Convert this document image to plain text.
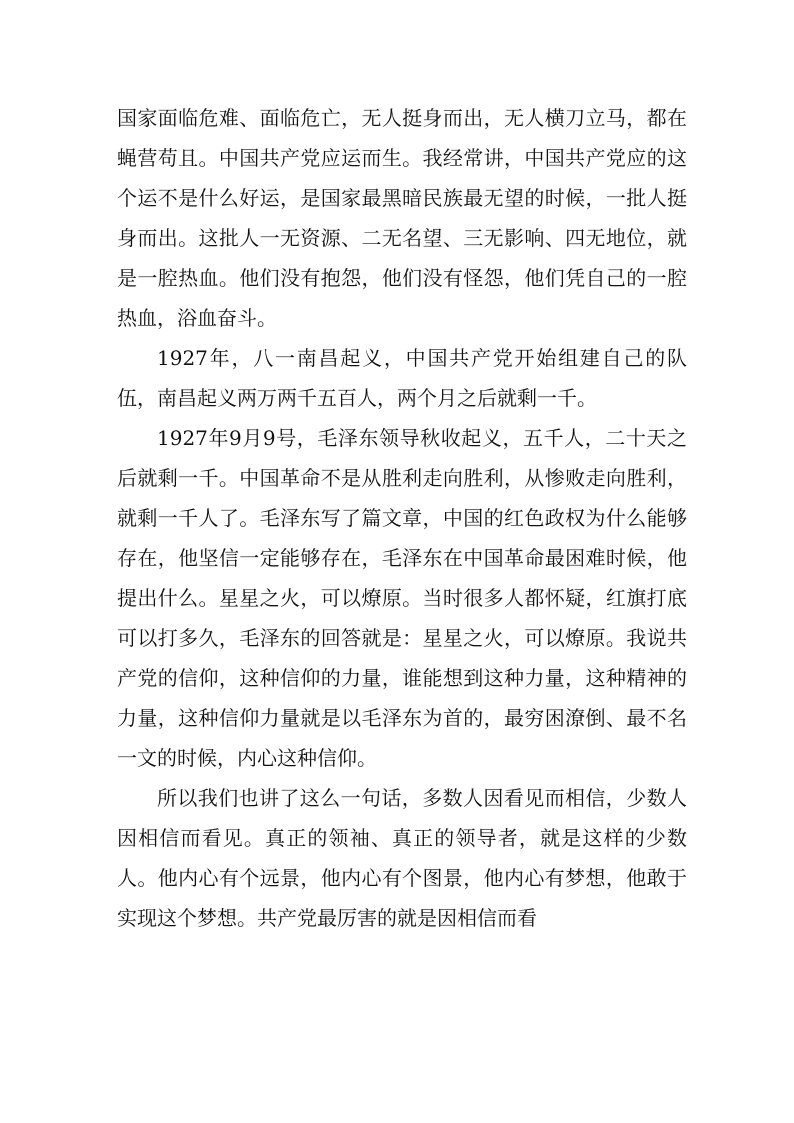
国家面临危难、面临危亡，无人挺身而出，无人横刀立马，都在蝇营苟且。中国共产党应运而生。我经常讲，中国共产党应的这个运不是什么好运，是国家最黑暗民族最无望的时候，一批人挺身而出。这批人一无资源、二无名望、三无影响、四无地位，就是一腔热血。他们没有抱怨，他们没有怪怨，他们凭自己的一腔热血，浴血奋斗。

1927年，八一南昌起义，中国共产党开始组建自己的队伍，南昌起义两万两千五百人，两个月之后就剩一千。

1927年9月9号，毛泽东领导秋收起义，五千人，二十天之后就剩一千。中国革命不是从胜利走向胜利，从惨败走向胜利，就剩一千人了。毛泽东写了篇文章，中国的红色政权为什么能够存在，他坚信一定能够存在，毛泽东在中国革命最困难时候，他提出什么。星星之火，可以燎原。当时很多人都怀疑，红旗打底可以打多久，毛泽东的回答就是：星星之火，可以燎原。我说共产党的信仰，这种信仰的力量，谁能想到这种力量，这种精神的力量，这种信仰力量就是以毛泽东为首的，最穷困潦倒、最不名一文的时候，内心这种信仰。

所以我们也讲了这么一句话，多数人因看见而相信，少数人因相信而看见。真正的领袖、真正的领导者，就是这样的少数人。他内心有个远景，他内心有个图景，他内心有梦想，他敢于实现这个梦想。共产党最厉害的就是因相信而看
